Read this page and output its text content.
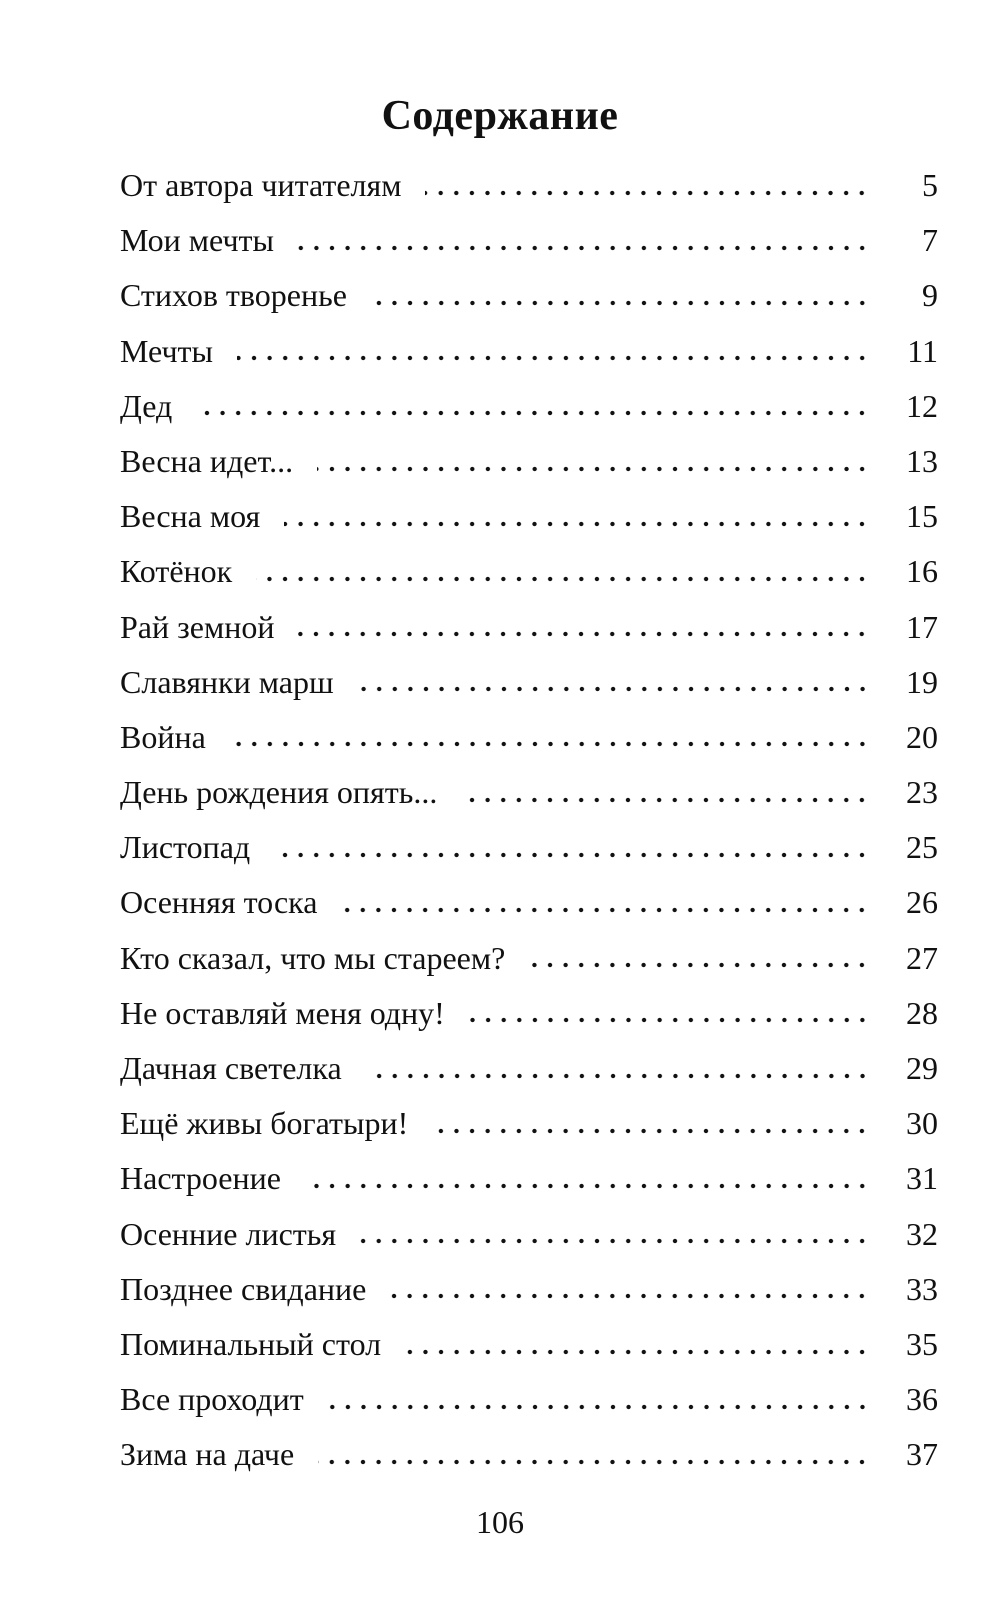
Содержание
От автора читателям	5
Мои мечты	7
Стихов творенье	9
Мечты	11
Дед	12
Весна идет...	13
Весна моя	15
Котёнок	16
Рай земной	17
Славянки марш	19
Война	20
День рождения опять...	23
Листопад	25
Осенняя тоска	26
Кто сказал, что мы стареем?	27
Не оставляй меня одну!	28
Дачная светелка	29
Ещё живы богатыри!	30
Настроение	31
Осенние листья	32
Позднее свидание	33
Поминальный стол	35
Все проходит	36
Зима на даче	37
106
